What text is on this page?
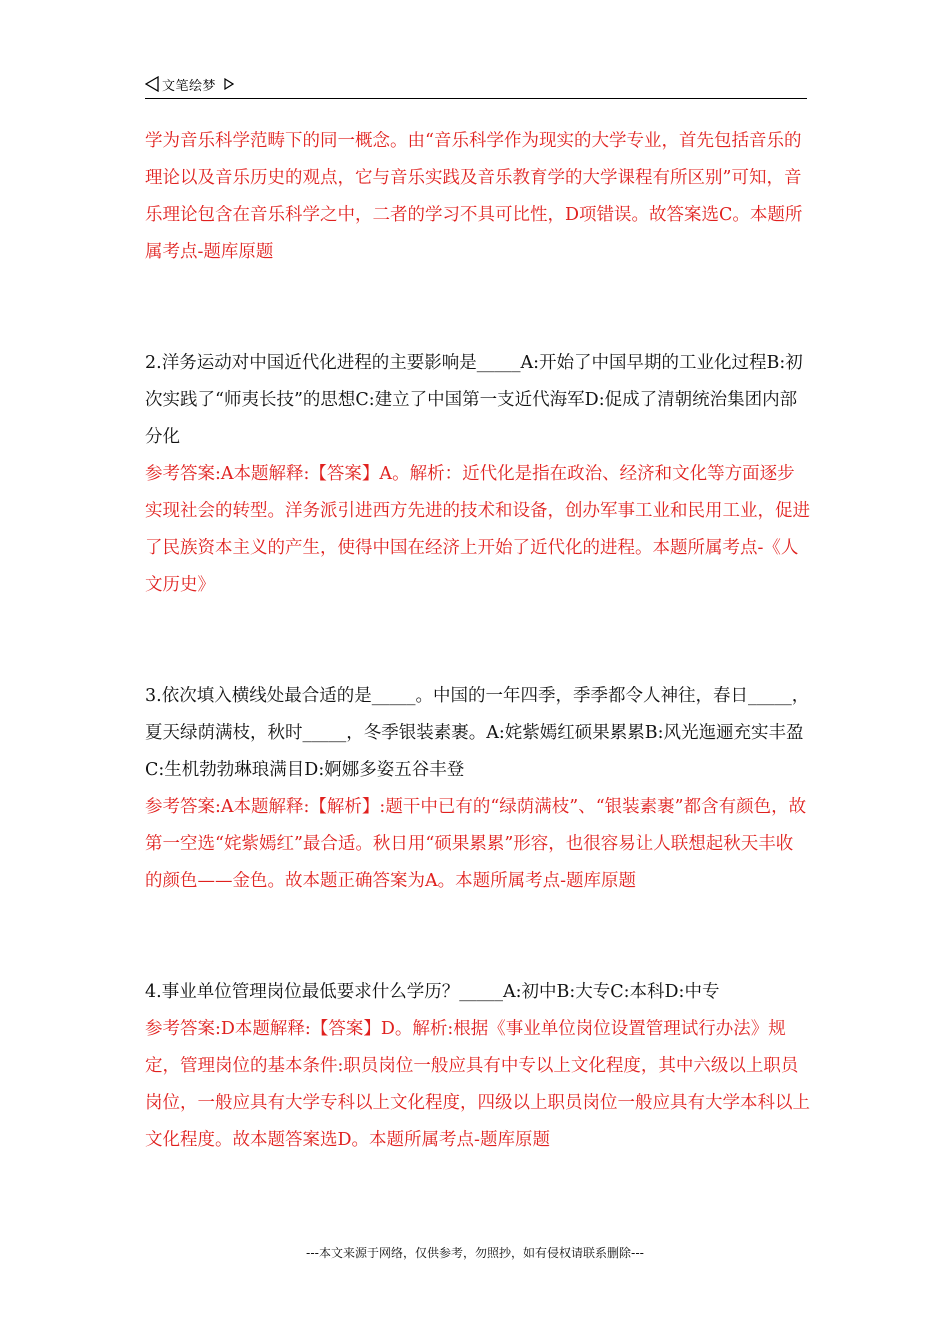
文笔绘梦

学为音乐科学范畴下的同一概念。由“音乐科学作为现实的大学专业，首先包括音乐的理论以及音乐历史的观点，它与音乐实践及音乐教育学的大学课程有所区别”可知，音乐理论包含在音乐科学之中，二者的学习不具可比性，D项错误。故答案选C。本题所属考点-题库原题

2.洋务运动对中国近代化进程的主要影响是_____A:开始了中国早期的工业化过程B:初次实践了“师夷长技”的思想C:建立了中国第一支近代海军D:促成了清朝统治集团内部分化

参考答案:A本题解释:【答案】A。解析：近代化是指在政治、经济和文化等方面逐步实现社会的转型。洋务派引进西方先进的技术和设备，创办军事工业和民用工业，促进了民族资本主义的产生，使得中国在经济上开始了近代化的进程。本题所属考点-《人文历史》

3.依次填入横线处最合适的是_____。中国的一年四季，季季都令人神往，春日_____，夏天绿荫满枝，秋时_____，冬季银装素裹。A:姹紫嫣红硕果累累B:风光迤逦充实丰盈C:生机勃勃琳琅满目D:婀娜多姿五谷丰登

参考答案:A本题解释:【解析】:题干中已有的“绿荫满枝”、“银装素裹”都含有颜色，故第一空选“姹紫嫣红”最合适。秋日用“硕果累累”形容，也很容易让人联想起秋天丰收的颜色——金色。故本题正确答案为A。本题所属考点-题库原题

4.事业单位管理岗位最低要求什么学历？_____A:初中B:大专C:本科D:中专

参考答案:D本题解释:【答案】D。解析:根据《事业单位岗位设置管理试行办法》规定，管理岗位的基本条件:职员岗位一般应具有中专以上文化程度，其中六级以上职员岗位，一般应具有大学专科以上文化程度，四级以上职员岗位一般应具有大学本科以上文化程度。故本题答案选D。本题所属考点-题库原题

---本文来源于网络，仅供参考，勿照抄，如有侵权请联系删除---
